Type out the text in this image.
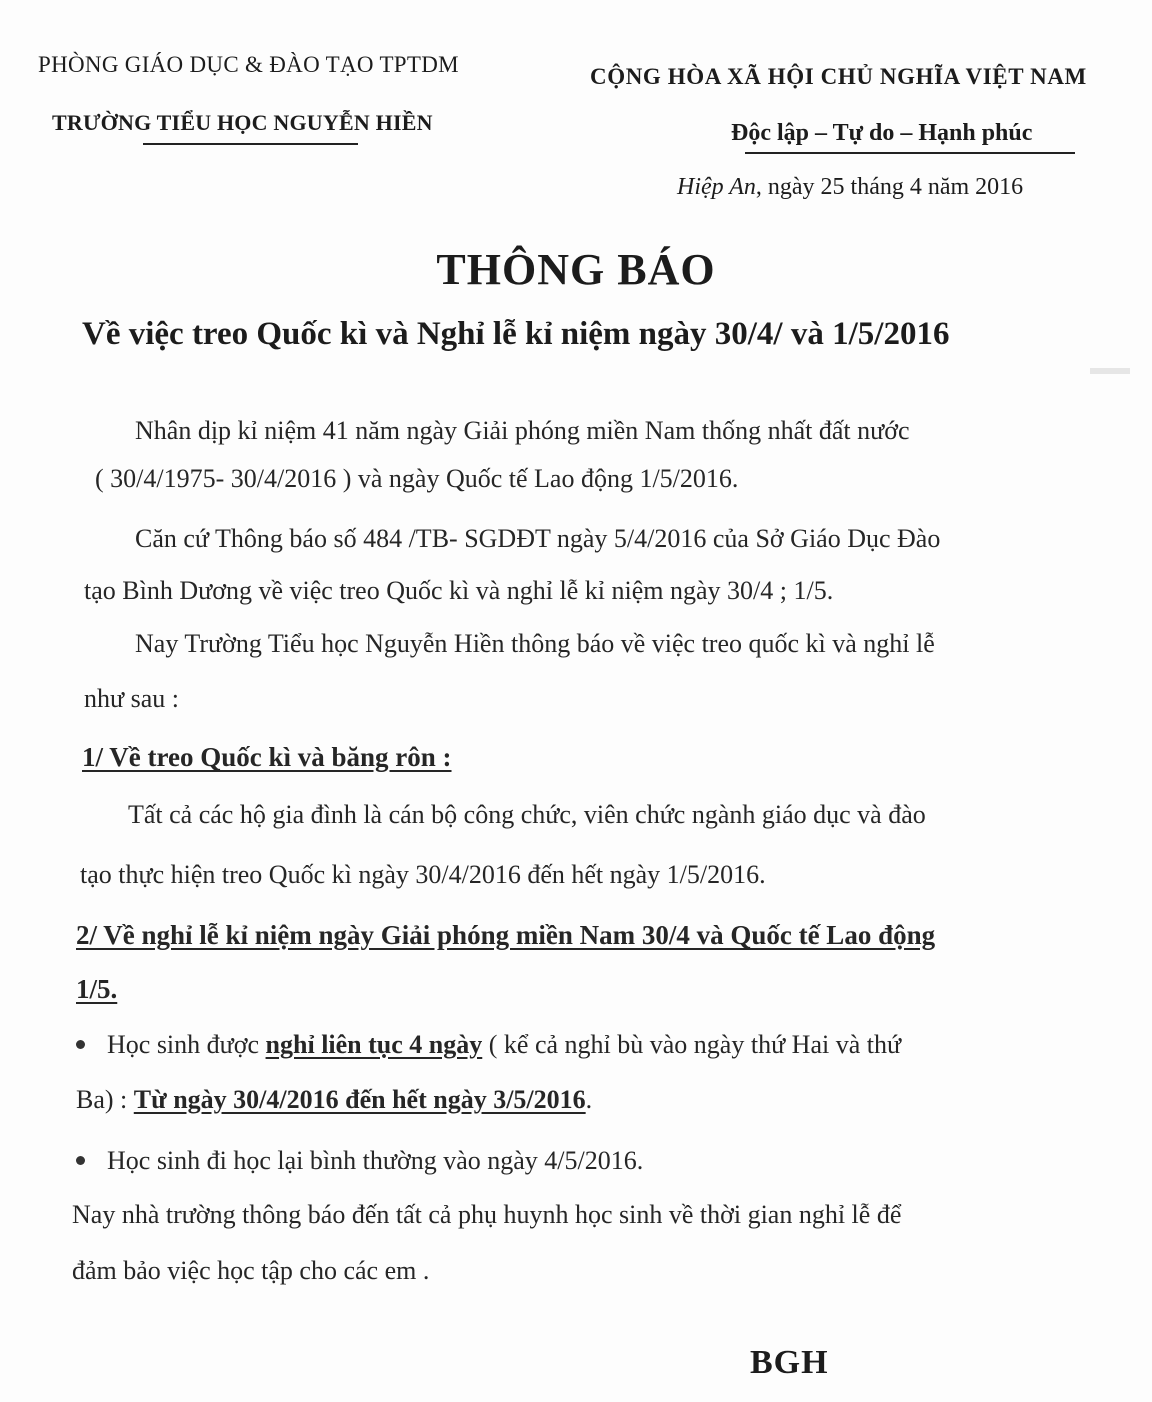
PHÒNG GIÁO DỤC & ĐÀO TẠO TPTDM
TRƯỜNG TIỂU HỌC NGUYỄN HIỀN
CỘNG HÒA XÃ HỘI CHỦ NGHĨA VIỆT NAM
Độc lập – Tự do – Hạnh phúc
Hiệp An, ngày 25 tháng 4 năm 2016
THÔNG BÁO
Về việc treo Quốc kì và Nghỉ lễ kỉ niệm ngày 30/4/ và 1/5/2016
Nhân dịp kỉ niệm 41 năm ngày Giải phóng miền Nam thống nhất đất nước
( 30/4/1975- 30/4/2016 ) và ngày Quốc tế Lao động 1/5/2016.
Căn cứ Thông báo số 484 /TB- SGDĐT ngày 5/4/2016 của Sở Giáo Dục Đào
tạo Bình Dương về việc treo Quốc kì và nghỉ lễ kỉ niệm ngày 30/4 ; 1/5.
Nay Trường Tiểu học Nguyễn Hiền thông báo về việc treo quốc kì và nghỉ lễ
như sau :
1/ Về treo Quốc kì và băng rôn :
Tất cả các hộ gia đình là cán bộ công chức, viên chức ngành giáo dục và đào
tạo thực hiện treo Quốc kì ngày 30/4/2016 đến hết ngày 1/5/2016.
2/ Về nghỉ lễ kỉ niệm ngày Giải phóng miền Nam 30/4 và Quốc tế Lao động
1/5.
Học sinh được nghỉ liên tục 4 ngày ( kể cả nghỉ bù vào ngày thứ Hai và thứ
Ba) : Từ ngày 30/4/2016 đến hết ngày 3/5/2016.
Học sinh đi học lại bình thường vào ngày 4/5/2016.
Nay nhà trường thông báo đến tất cả phụ huynh học sinh về thời gian nghỉ lễ để
đảm bảo việc học tập cho các em .
BGH
